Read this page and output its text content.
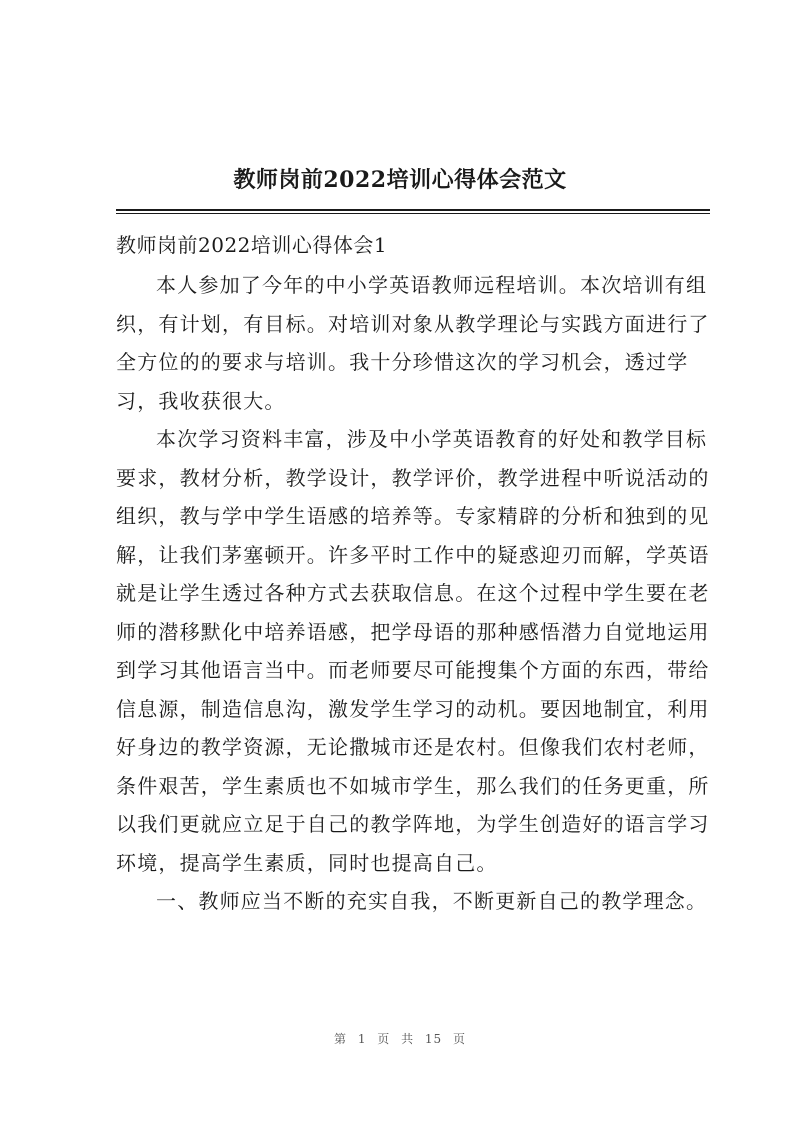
教师岗前2022培训心得体会范文
教师岗前2022培训心得体会1

本人参加了今年的中小学英语教师远程培训。本次培训有组织，有计划，有目标。对培训对象从教学理论与实践方面进行了全方位的的要求与培训。我十分珍惜这次的学习机会，透过学习，我收获很大。

本次学习资料丰富，涉及中小学英语教育的好处和教学目标要求，教材分析，教学设计，教学评价，教学进程中听说活动的组织，教与学中学生语感的培养等。专家精辟的分析和独到的见解，让我们茅塞顿开。许多平时工作中的疑惑迎刃而解，学英语就是让学生透过各种方式去获取信息。在这个过程中学生要在老师的潜移默化中培养语感，把学母语的那种感悟潜力自觉地运用到学习其他语言当中。而老师要尽可能搜集个方面的东西，带给信息源，制造信息沟，激发学生学习的动机。要因地制宜，利用好身边的教学资源，无论撒城市还是农村。但像我们农村老师，条件艰苦，学生素质也不如城市学生，那么我们的任务更重，所以我们更就应立足于自己的教学阵地，为学生创造好的语言学习环境，提高学生素质，同时也提高自己。

一、教师应当不断的充实自我，不断更新自己的教学理念。

第 1 页 共 15 页
